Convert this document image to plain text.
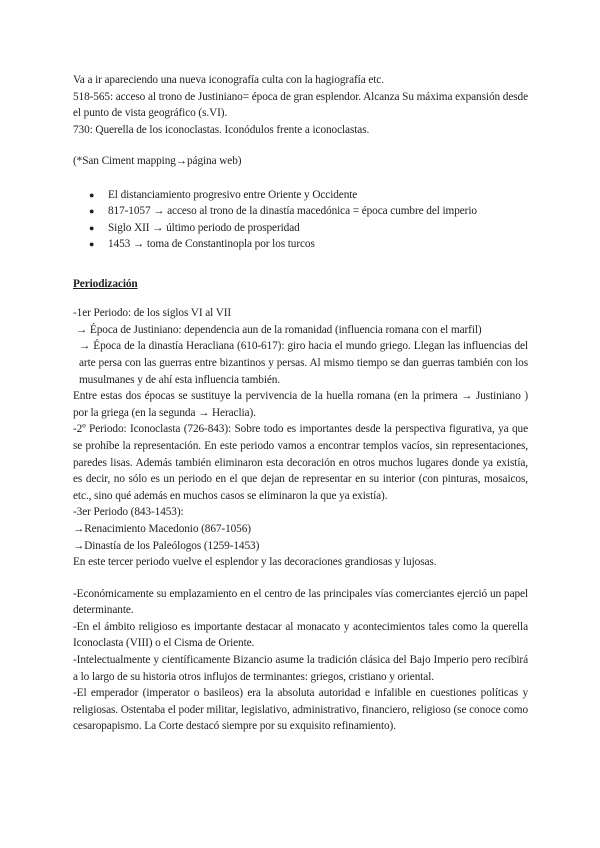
Va a ir apareciendo una nueva iconografía culta con la hagiografía etc.

518-565: acceso al trono de Justiniano= época de gran esplendor. Alcanza Su máxima expansión desde el punto de vista geográfico (s.VI).

730: Querella de los iconoclastas. Iconódulos frente a iconoclastas.

(*San Ciment mapping→página web)

● El distanciamiento progresivo entre Oriente y Occidente
● 817-1057 → acceso al trono de la dinastía macedónica = época cumbre del imperio
● Siglo XII → último periodo de prosperidad
● 1453 → toma de Constantinopla por los turcos

Periodización

-1er Periodo: de los siglos VI al VII

→ Época de Justiniano: dependencia aun de la romanidad (influencia romana con el marfil)

→ Época de la dinastía Heracliana (610-617): giro hacia el mundo griego. Llegan las influencias del arte persa con las guerras entre bizantinos y persas. Al mismo tiempo se dan guerras también con los musulmanes y de ahí esta influencia también.

Entre estas dos épocas se sustituye la pervivencia de la huella romana (en la primera → Justiniano ) por la griega (en la segunda → Heraclia).

-2º Periodo: Iconoclasta (726-843): Sobre todo es importantes desde la perspectiva figurativa, ya que se prohíbe la representación. En este periodo vamos a encontrar templos vacíos, sin representaciones, paredes lisas. Además también eliminaron esta decoración en otros muchos lugares donde ya existía, es decir, no sólo es un periodo en el que dejan de representar en su interior (con pinturas, mosaicos, etc., sino qué además en muchos casos se eliminaron la que ya existía).

-3er Periodo (843-1453):

→Renacimiento Macedonio (867-1056)

→Dinastía de los Paleólogos (1259-1453)

En este tercer periodo vuelve el esplendor y las decoraciones grandiosas y lujosas.

-Económicamente su emplazamiento en el centro de las principales vías comerciantes ejerció un papel determinante.

-En el ámbito religioso es importante destacar al monacato y acontecimientos tales como la querella Iconoclasta (VIII) o el Cisma de Oriente.

-Intelectualmente y científicamente Bizancio asume la tradición clásica del Bajo Imperio pero recibirá a lo largo de su historia otros influjos de terminantes: griegos, cristiano y oriental.

-El emperador (imperator o basileos) era la absoluta autoridad e infalible en cuestiones políticas y religiosas. Ostentaba el poder militar, legislativo, administrativo, financiero, religioso (se conoce como cesaropapismo. La Corte destacó siempre por su exquisito refinamiento).
